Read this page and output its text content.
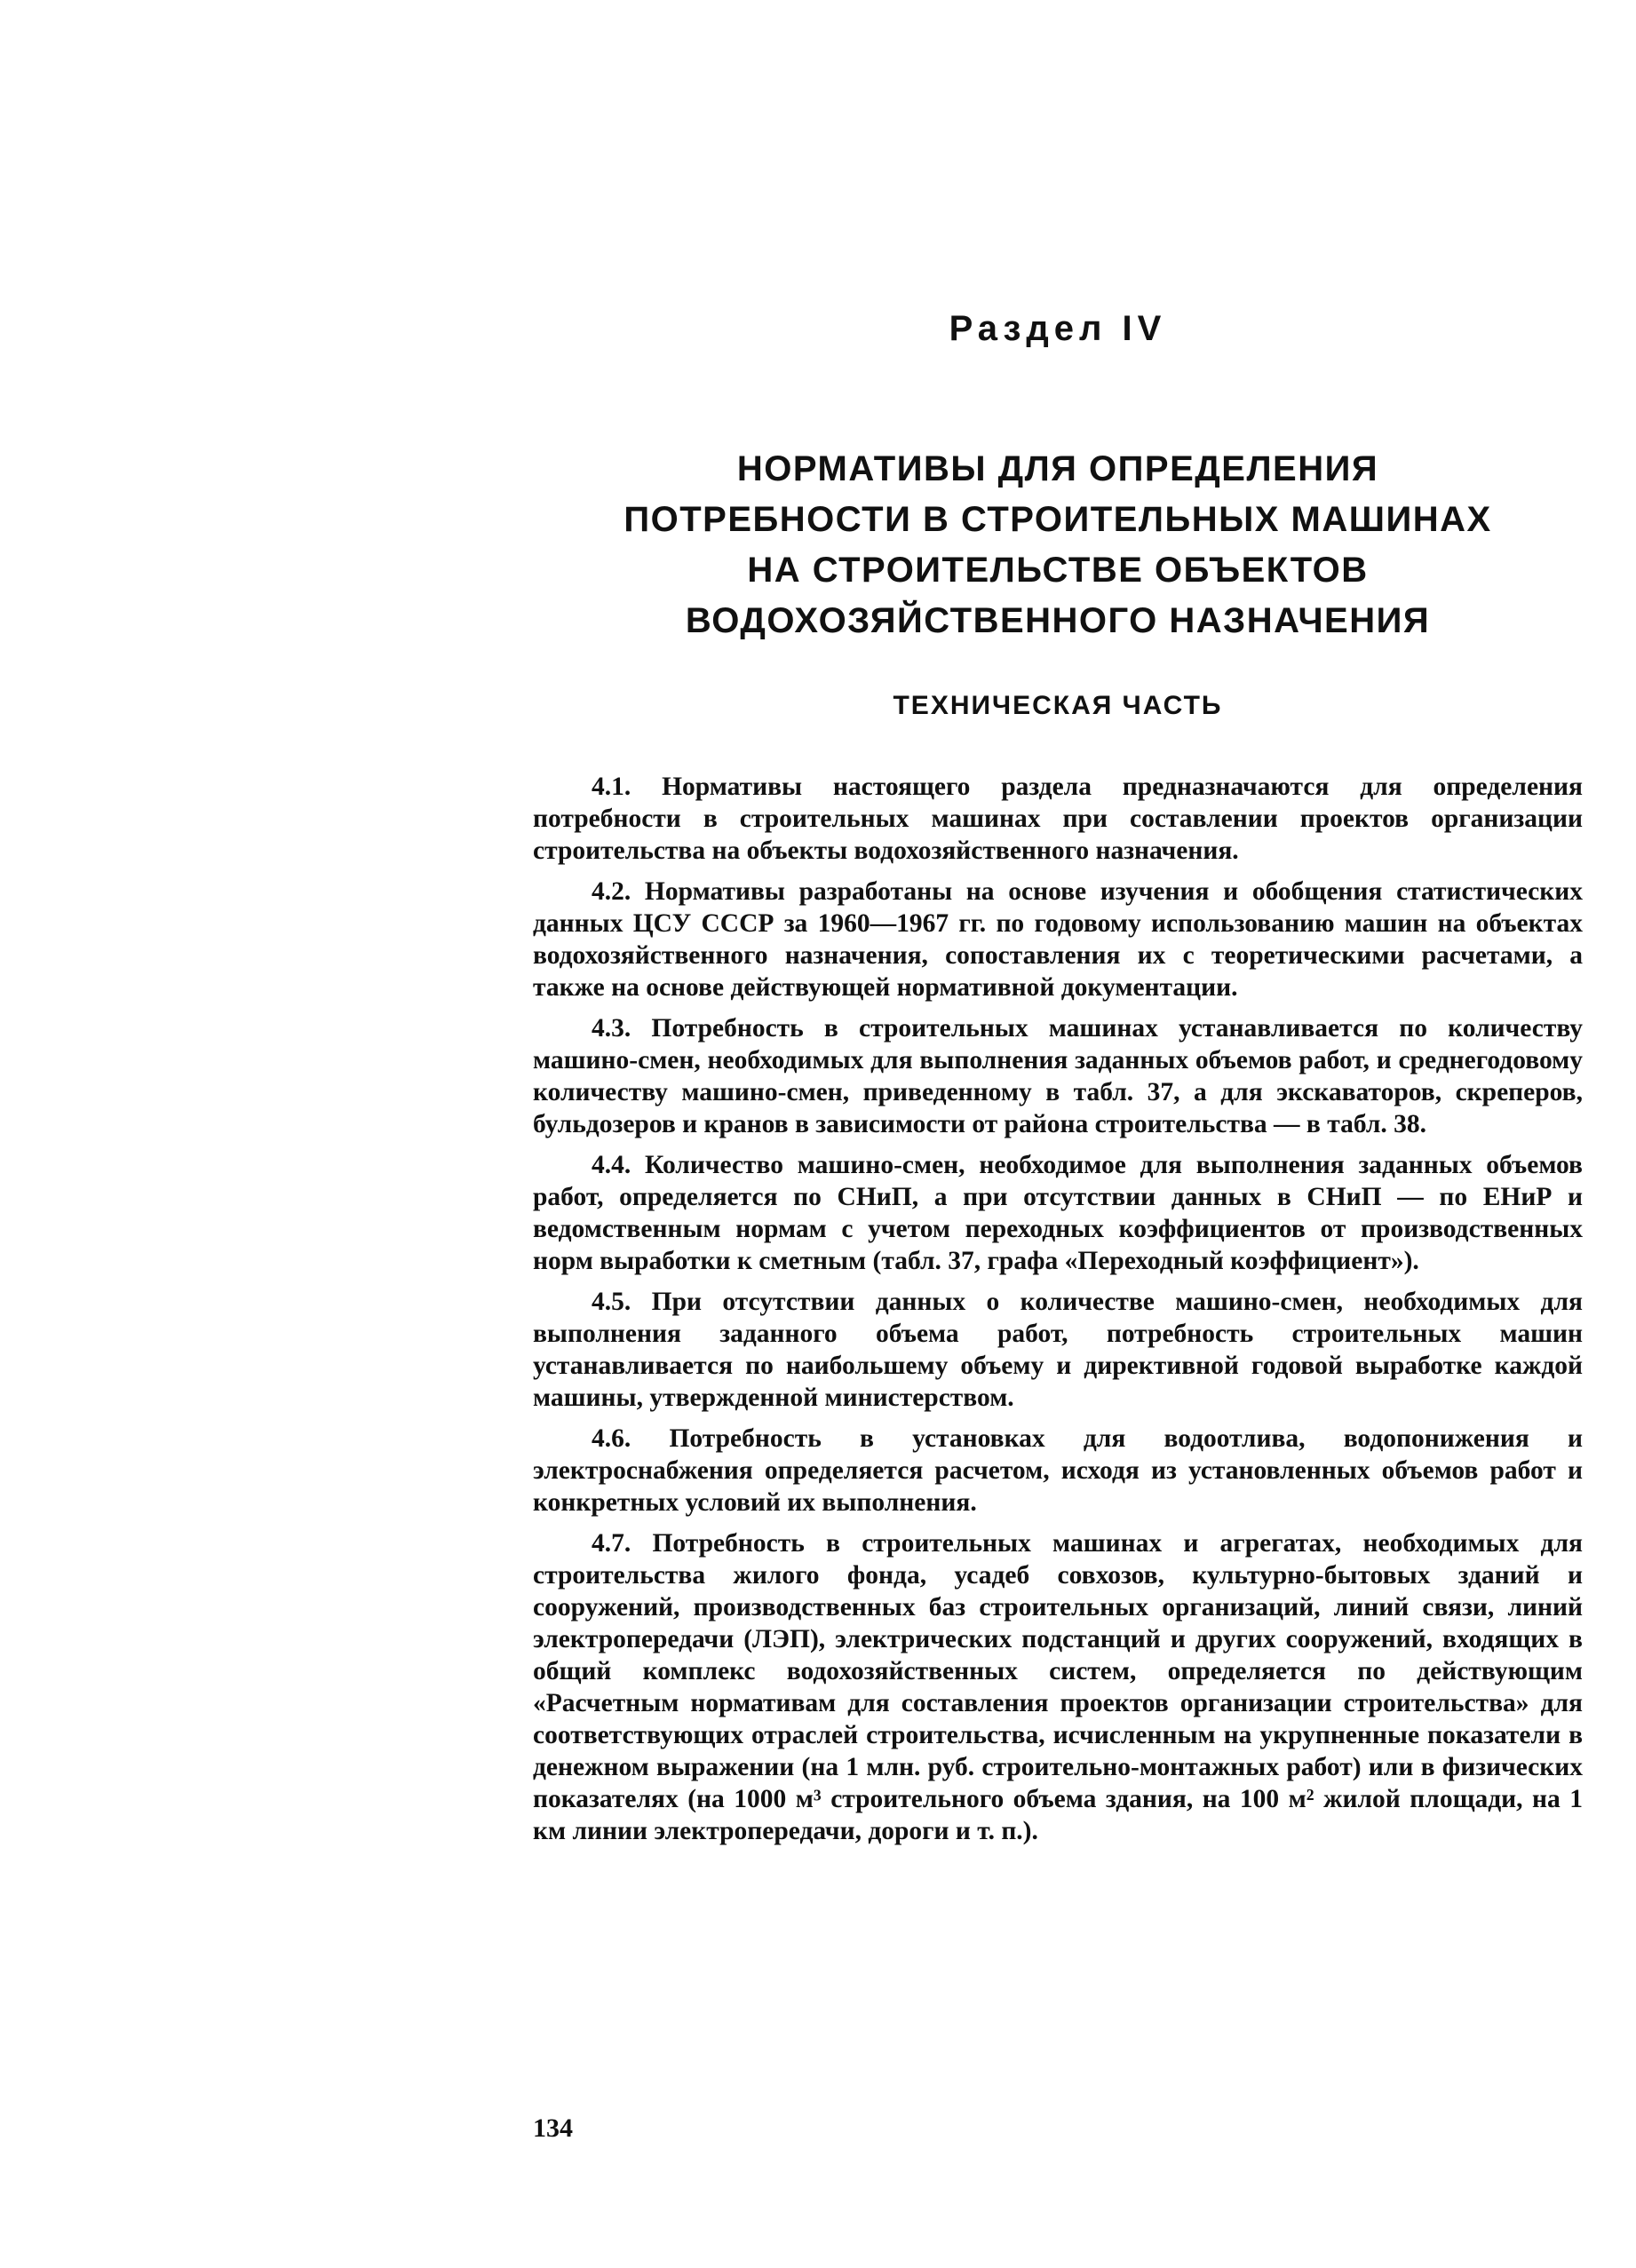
Раздел IV
НОРМАТИВЫ ДЛЯ ОПРЕДЕЛЕНИЯ
ПОТРЕБНОСТИ В СТРОИТЕЛЬНЫХ МАШИНАХ
НА СТРОИТЕЛЬСТВЕ ОБЪЕКТОВ
ВОДОХОЗЯЙСТВЕННОГО НАЗНАЧЕНИЯ
ТЕХНИЧЕСКАЯ ЧАСТЬ

4.1. Нормативы настоящего раздела предназначаются для определения потребности в строительных машинах при составлении проектов организации строительства на объекты водохозяйственного назначения.

4.2. Нормативы разработаны на основе изучения и обобщения статистических данных ЦСУ СССР за 1960—1967 гг. по годовому использованию машин на объектах водохозяйственного назначения, сопоставления их с теоретическими расчетами, а также на основе действующей нормативной документации.

4.3. Потребность в строительных машинах устанавливается по количеству машино-смен, необходимых для выполнения заданных объемов работ, и среднегодовому количеству машино-смен, приведенному в табл. 37, а для экскаваторов, скреперов, бульдозеров и кранов в зависимости от района строительства — в табл. 38.

4.4. Количество машино-смен, необходимое для выполнения заданных объемов работ, определяется по СНиП, а при отсутствии данных в СНиП — по ЕНиР и ведомственным нормам с учетом переходных коэффициентов от производственных норм выработки к сметным (табл. 37, графа «Переходный коэффициент»).

4.5. При отсутствии данных о количестве машино-смен, необходимых для выполнения заданного объема работ, потребность строительных машин устанавливается по наибольшему объему и директивной годовой выработке каждой машины, утвержденной министерством.

4.6. Потребность в установках для водоотлива, водопонижения и электроснабжения определяется расчетом, исходя из установленных объемов работ и конкретных условий их выполнения.

4.7. Потребность в строительных машинах и агрегатах, необходимых для строительства жилого фонда, усадеб совхозов, культурно-бытовых зданий и сооружений, производственных баз строительных организаций, линий связи, линий электропередачи (ЛЭП), электрических подстанций и других сооружений, входящих в общий комплекс водохозяйственных систем, определяется по действующим «Расчетным нормативам для составления проектов организации строительства» для соответствующих отраслей строительства, исчисленным на укрупненные показатели в денежном выражении (на 1 млн. руб. строительно-монтажных работ) или в физических показателях (на 1000 м³ строительного объема здания, на 100 м² жилой площади, на 1 км линии электропередачи, дороги и т. п.).

134
